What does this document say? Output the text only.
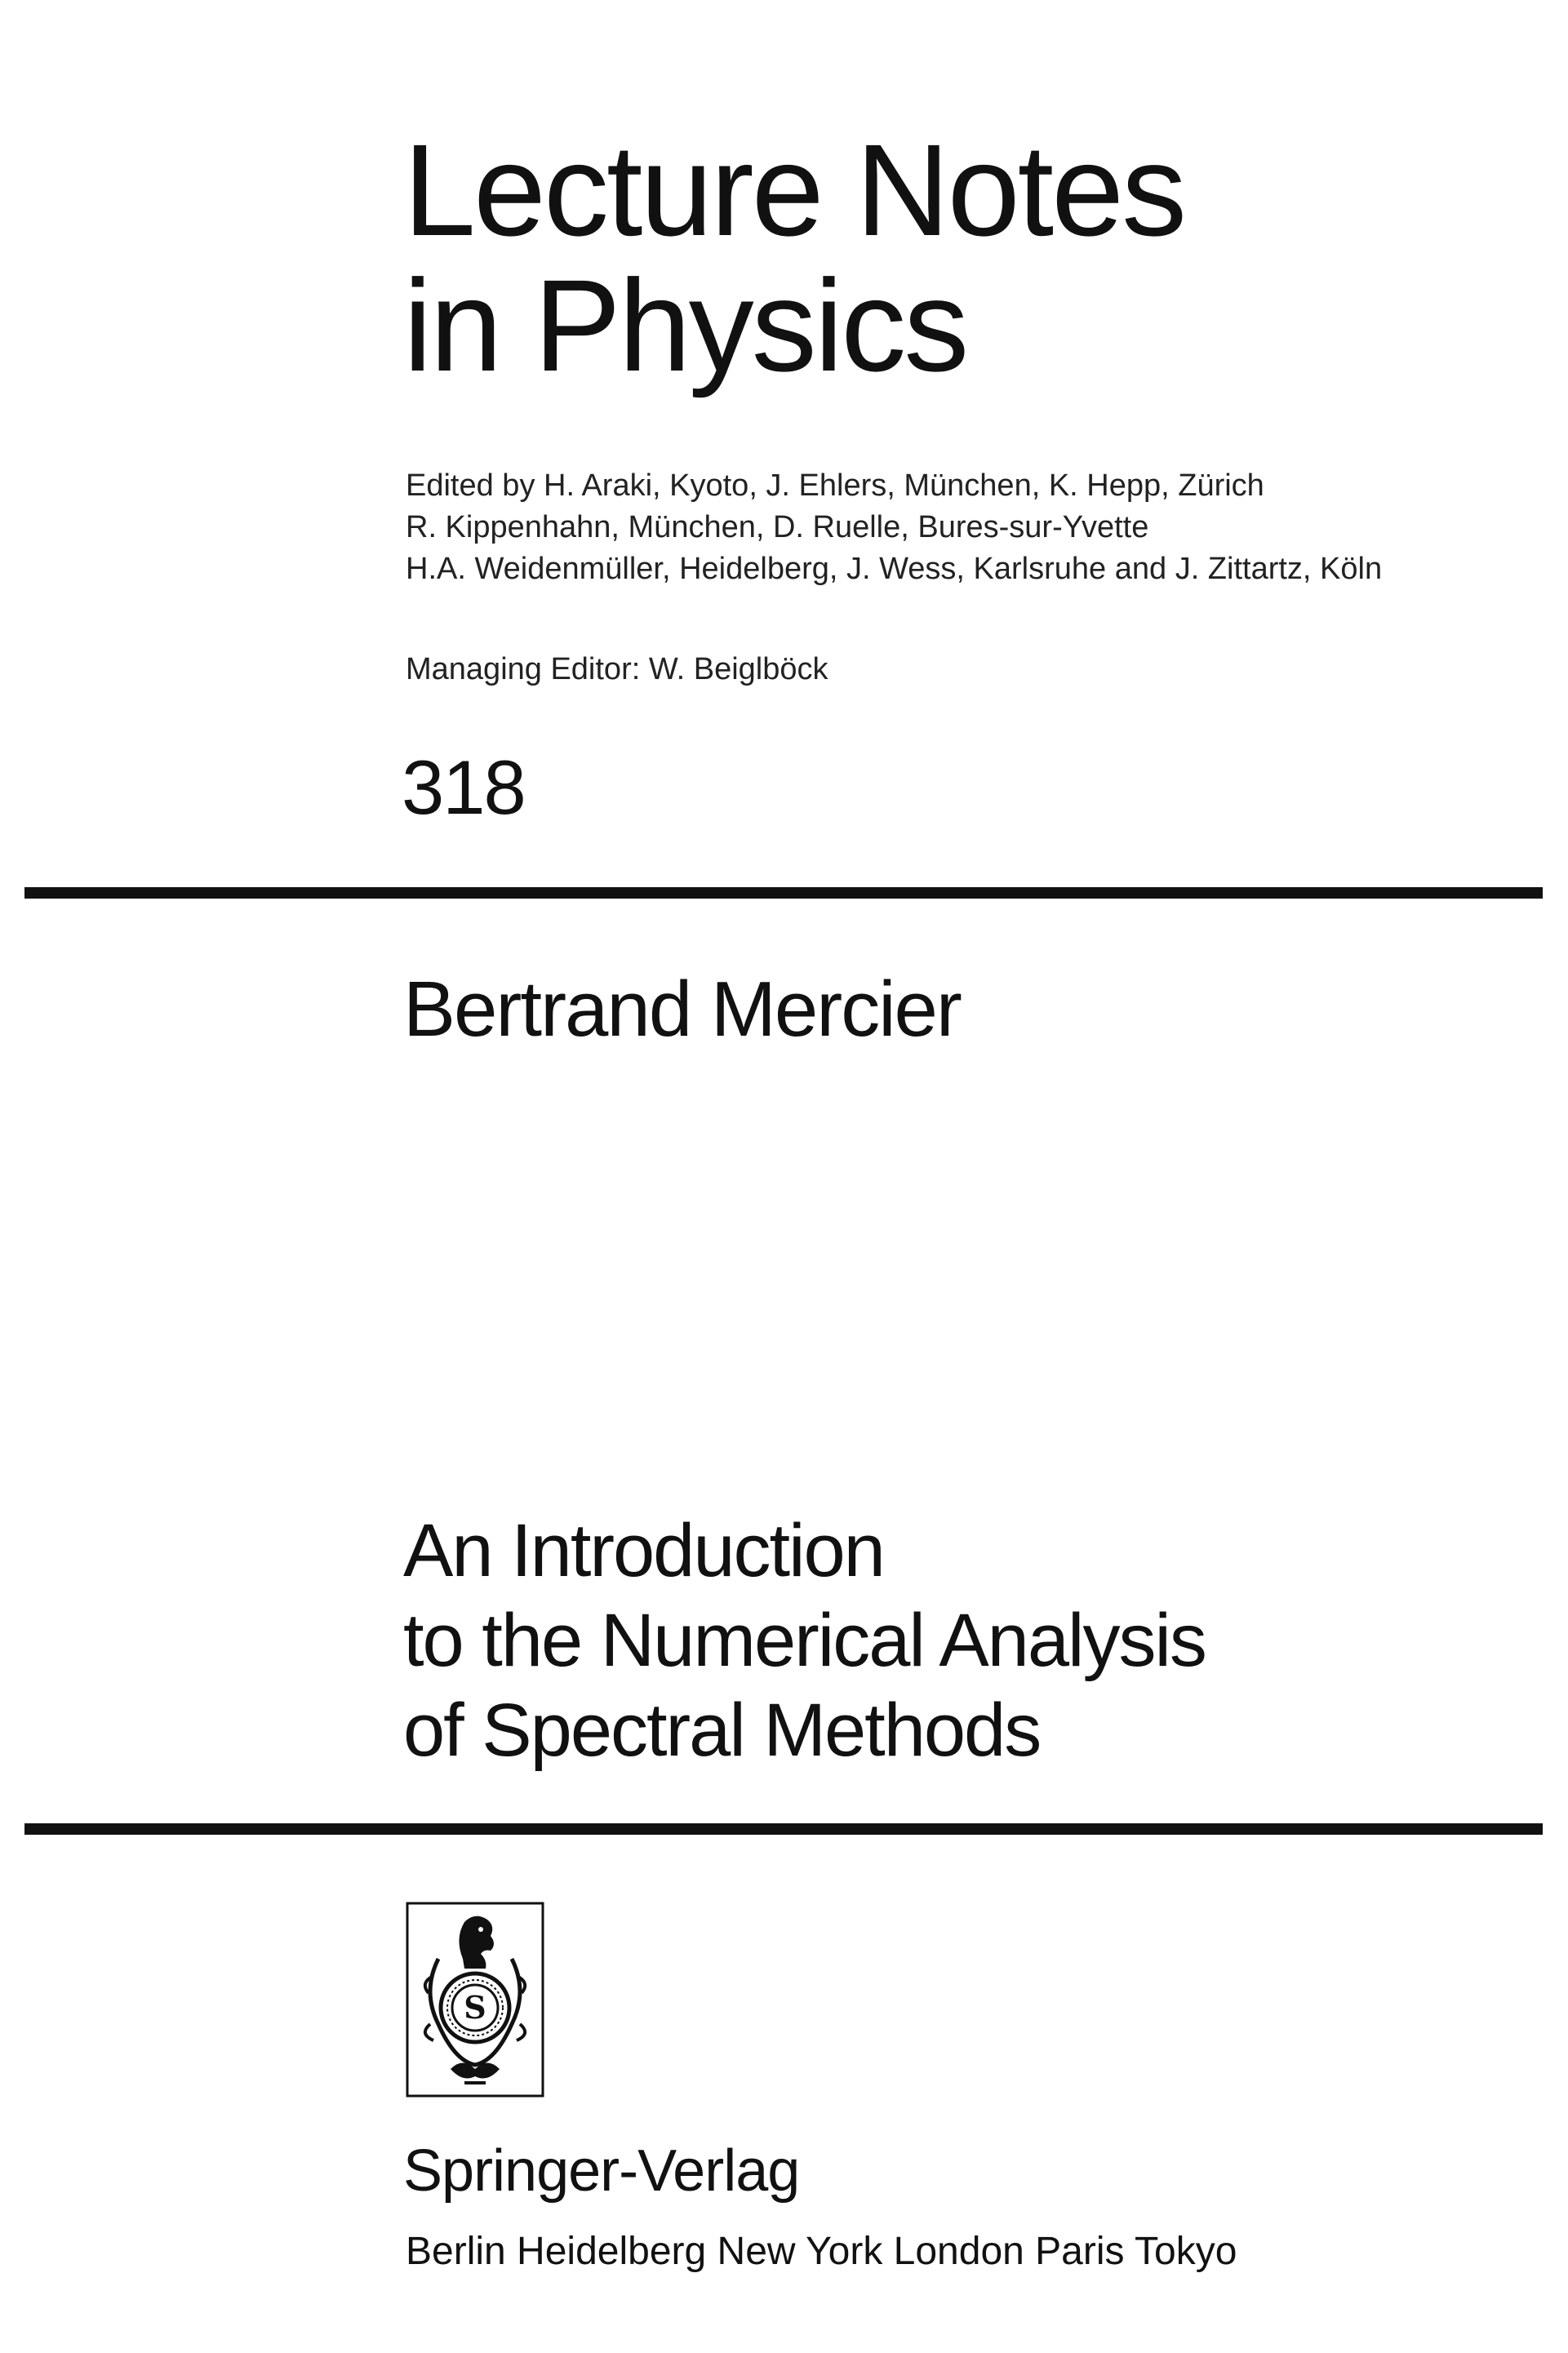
Lecture Notes
in Physics
Edited by H. Araki, Kyoto, J. Ehlers, München, K. Hepp, Zürich
R. Kippenhahn, München, D. Ruelle, Bures-sur-Yvette
H.A. Weidenmüller, Heidelberg, J. Wess, Karlsruhe and J. Zittartz, Köln
Managing Editor: W. Beiglböck
318
Bertrand Mercier
An Introduction
to the Numerical Analysis
of Spectral Methods
S
Springer-Verlag
Berlin Heidelberg New York London Paris Tokyo
